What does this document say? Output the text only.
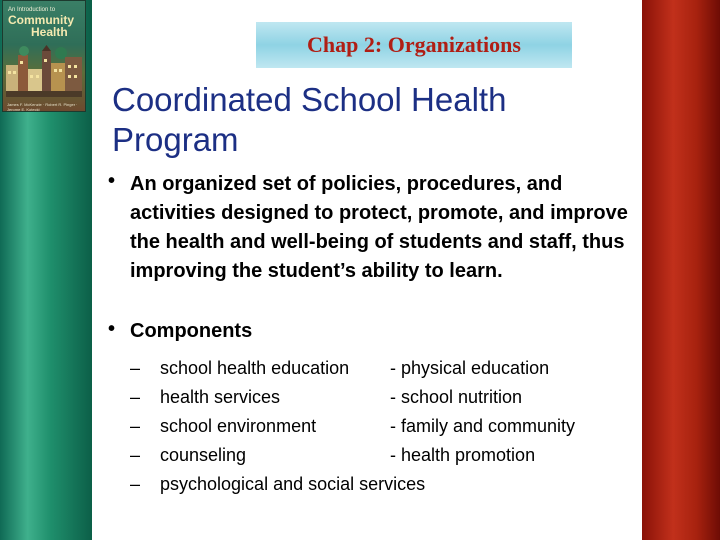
An Introduction to
Community
Health
James F. McKenzie · Robert R. Pinger · Jerome E. Kotecki
Chap 2: Organizations
Coordinated School Health
Program
• An organized set of policies, procedures, and activities designed to protect, promote, and improve the health and well-being of students and staff, thus improving the student’s ability to learn.
• Components
– school health education - physical education
– health services	- school nutrition
– school environment	- family and community
– counseling	- health promotion
– psychological and social services
